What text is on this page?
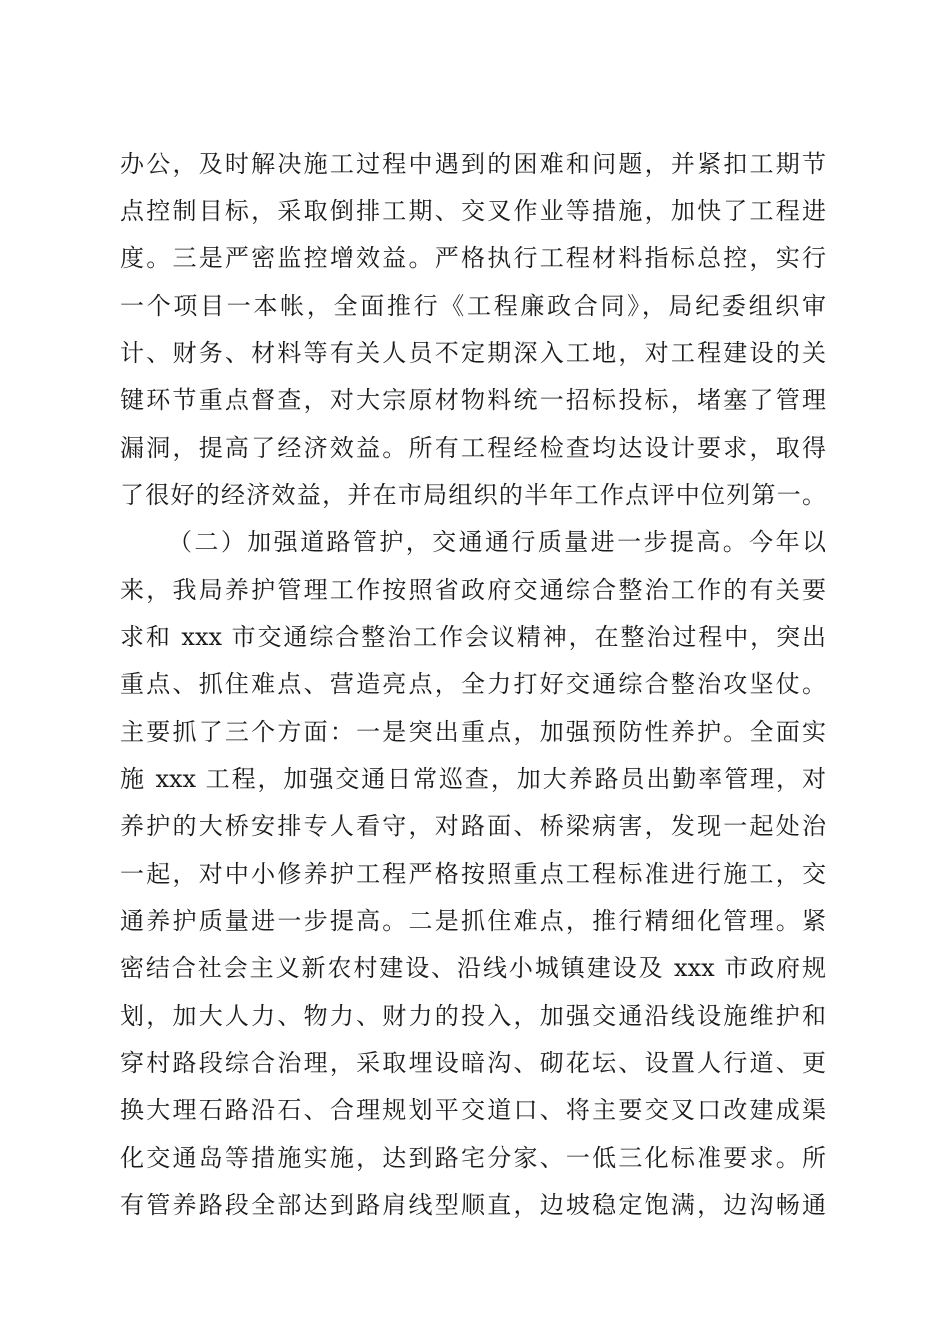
办公，及时解决施工过程中遇到的困难和问题，并紧扣工期节
点控制目标，采取倒排工期、交叉作业等措施，加快了工程进
度。三是严密监控增效益。严格执行工程材料指标总控，实行
一个项目一本帐，全面推行《工程廉政合同》，局纪委组织审
计、财务、材料等有关人员不定期深入工地，对工程建设的关
键环节重点督查，对大宗原材物料统一招标投标，堵塞了管理
漏洞，提高了经济效益。所有工程经检查均达设计要求，取得
了很好的经济效益，并在市局组织的半年工作点评中位列第一。
（二）加强道路管护，交通通行质量进一步提高。今年以
来，我局养护管理工作按照省政府交通综合整治工作的有关要
求和 xxx 市交通综合整治工作会议精神，在整治过程中，突出
重点、抓住难点、营造亮点，全力打好交通综合整治攻坚仗。
主要抓了三个方面：一是突出重点，加强预防性养护。全面实
施 xxx 工程，加强交通日常巡查，加大养路员出勤率管理，对
养护的大桥安排专人看守，对路面、桥梁病害，发现一起处治
一起，对中小修养护工程严格按照重点工程标准进行施工，交
通养护质量进一步提高。二是抓住难点，推行精细化管理。紧
密结合社会主义新农村建设、沿线小城镇建设及 xxx 市政府规
划，加大人力、物力、财力的投入，加强交通沿线设施维护和
穿村路段综合治理，采取埋设暗沟、砌花坛、设置人行道、更
换大理石路沿石、合理规划平交道口、将主要交叉口改建成渠
化交通岛等措施实施，达到路宅分家、一低三化标准要求。所
有管养路段全部达到路肩线型顺直，边坡稳定饱满，边沟畅通
